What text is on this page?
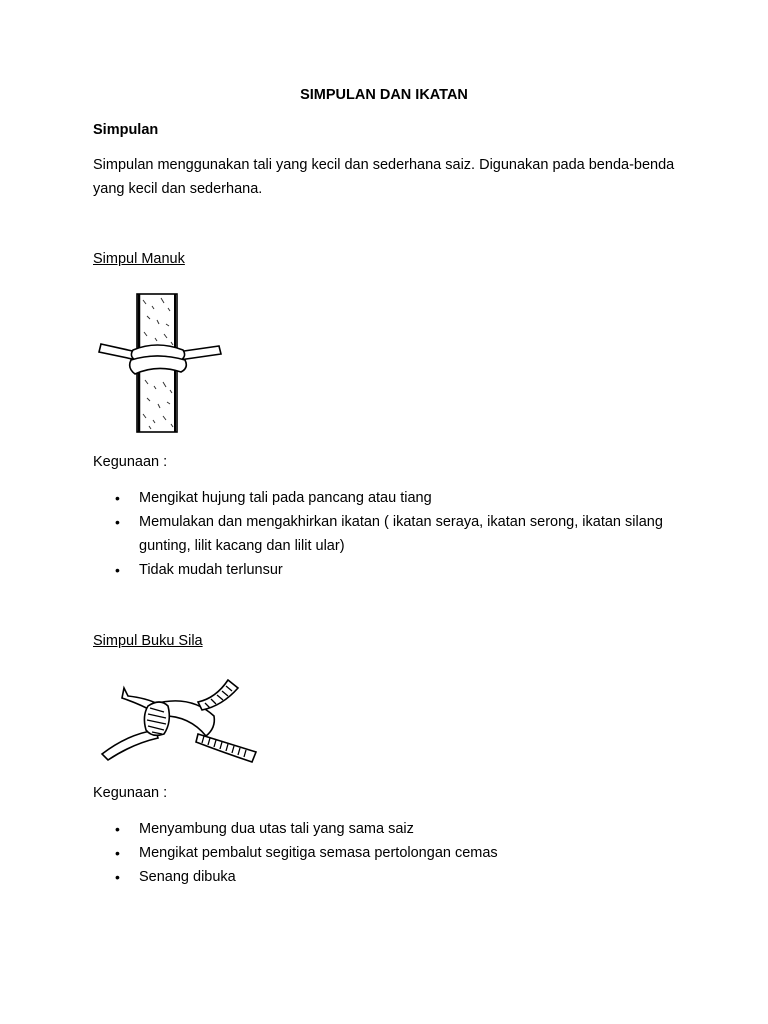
SIMPULAN DAN IKATAN
Simpulan
Simpulan menggunakan tali yang kecil dan sederhana saiz. Digunakan pada benda-benda
yang kecil dan sederhana.
Simpul Manuk
Kegunaan :
• Mengikat hujung tali pada pancang atau tiang
• Memulakan dan mengakhirkan ikatan ( ikatan seraya, ikatan serong, ikatan silang
gunting, lilit kacang dan lilit ular)
• Tidak mudah terlunsur
Simpul Buku Sila
Kegunaan :
• Menyambung dua utas tali yang sama saiz
• Mengikat pembalut segitiga semasa pertolongan cemas
• Senang dibuka
